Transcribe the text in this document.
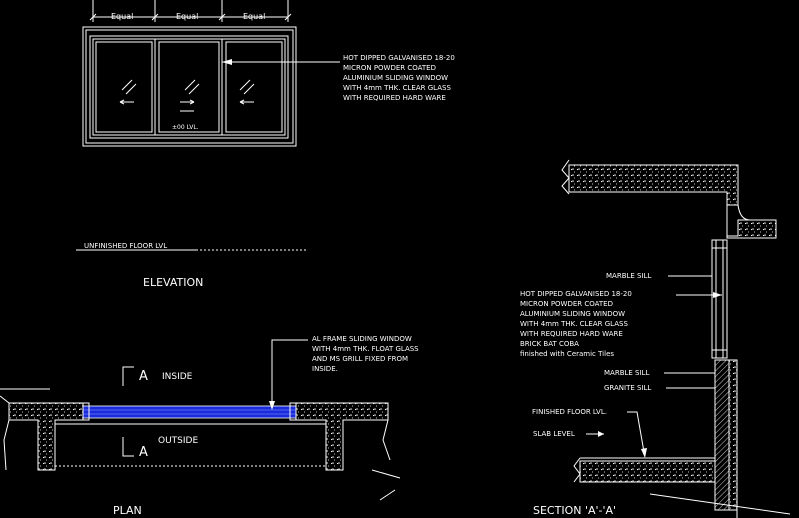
Equal	Equal	Equal
±00 LVL.
HOT DIPPED GALVANISED 18-20
MICRON POWDER COATED
ALUMINIUM SLIDING WINDOW
WITH 4mm THK. CLEAR GLASS
WITH REQUIRED HARD WARE
UNFINISHED FLOOR LVL
ELEVATION
A INSIDE
A
OUTSIDE
AL FRAME SLIDING WINDOW
WITH 4mm THK. FLOAT GLASS
AND MS GRILL FIXED FROM
INSIDE.
PLAN
MARBLE SILL
HOT DIPPED GALVANISED 18-20
MICRON POWDER COATED
ALUMINIUM SLIDING WINDOW
WITH 4mm THK. CLEAR GLASS
WITH REQUIRED HARD WARE
BRICK BAT COBA
finished with Ceramic Tiles
MARBLE SILL
GRANITE SILL
FINISHED FLOOR LVL.
SLAB LEVEL
SECTION 'A'-'A'
